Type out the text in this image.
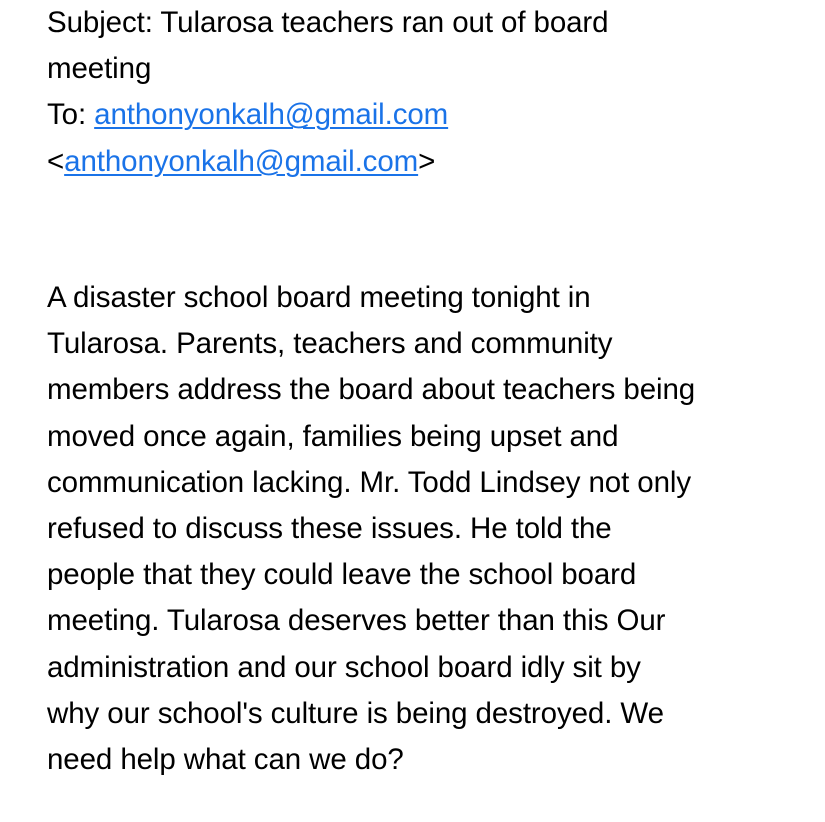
Subject: Tularosa teachers ran out of board
meeting
To: anthonyonkalh@gmail.com
<anthonyonkalh@gmail.com>
A disaster school board meeting tonight in
Tularosa. Parents, teachers and community
members address the board about teachers being
moved once again, families being upset and
communication lacking. Mr. Todd Lindsey not only
refused to discuss these issues. He told the
people that they could leave the school board
meeting. Tularosa deserves better than this Our
administration and our school board idly sit by
why our school's culture is being destroyed. We
need help what can we do?
